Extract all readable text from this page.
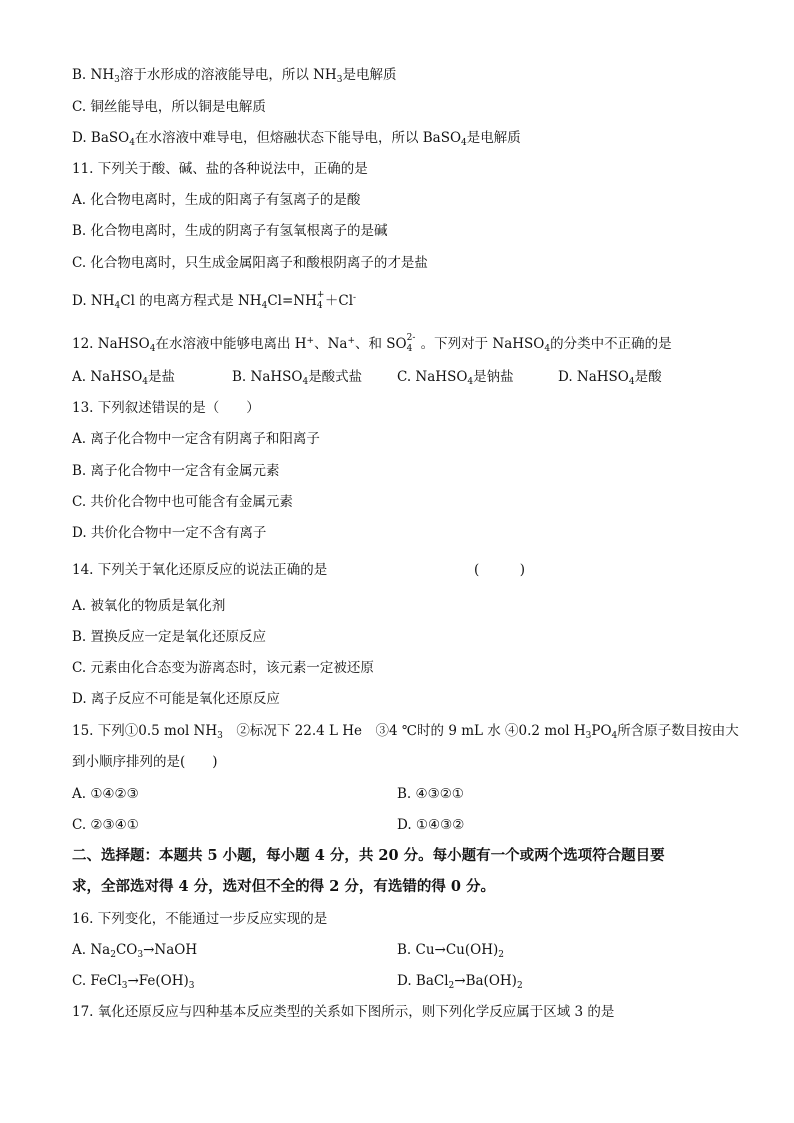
B. $NH_3$溶于水形成的溶液能导电，所以 $NH_3$是电解质
C. 铜丝能导电，所以铜是电解质
D. BaSO$_4$在水溶液中难导电，但熔融状态下能导电，所以 BaSO$_4$是电解质
11. 下列关于酸、碱、盐的各种说法中，正确的是
A. 化合物电离时，生成的阳离子有氢离子的是酸
B. 化合物电离时，生成的阴离子有氢氧根离子的是碱
C. 化合物电离时，只生成金属阳离子和酸根阴离子的才是盐
D. $NH_4Cl$ 的电离方程式是 $NH_4Cl=NH$ +
4 ＋Cl-
12. NaHSO$_4$在水溶液中能够电离出 H+、Na+、和 SO 2-
4 。下列对于 NaHSO$_4$的分类中不正确的是
A. NaHSO$_4$是盐	B. NaHSO$_4$是酸式盐	C. NaHSO$_4$是钠盐	D. NaHSO$_4$是酸
13. 下列叙述错误的是（　　）
A. 离子化合物中一定含有阴离子和阳离子
B. 离子化合物中一定含有金属元素
C. 共价化合物中也可能含有金属元素
D. 共价化合物中一定不含有离子
14. 下列关于氧化还原反应的说法正确的是	(　　　)
A. 被氧化的物质是氧化剂
B. 置换反应一定是氧化还原反应
C. 元素由化合态变为游离态时，该元素一定被还原
D. 离子反应不可能是氧化还原反应
15. 下列①0.5 mol $NH_3$　②标况下 22.4 L He　③4 ℃时的 9 mL 水 ④0.2 mol $H_3PO_4$所含原子数目按由大
到小顺序排列的是(　　)
A. ①④②③	B. ④③②①
C. ②③④①	D. ①④③②
二、选择题：本题共 5 小题，每小题 4 分，共 20 分。每小题有一个或两个选项符合题目要
求，全部选对得 4 分，选对但不全的得 2 分，有选错的得 0 分。
16. 下列变化，不能通过一步反应实现的是
A. $Na_2CO_3\to NaOH$	B. $Cu\to Cu(OH)_2$
C. $FeCl_3\to Fe(OH)_3$	D. $BaCl_2\to Ba(OH)_2$
17. 氧化还原反应与四种基本反应类型的关系如下图所示，则下列化学反应属于区域 3 的是
